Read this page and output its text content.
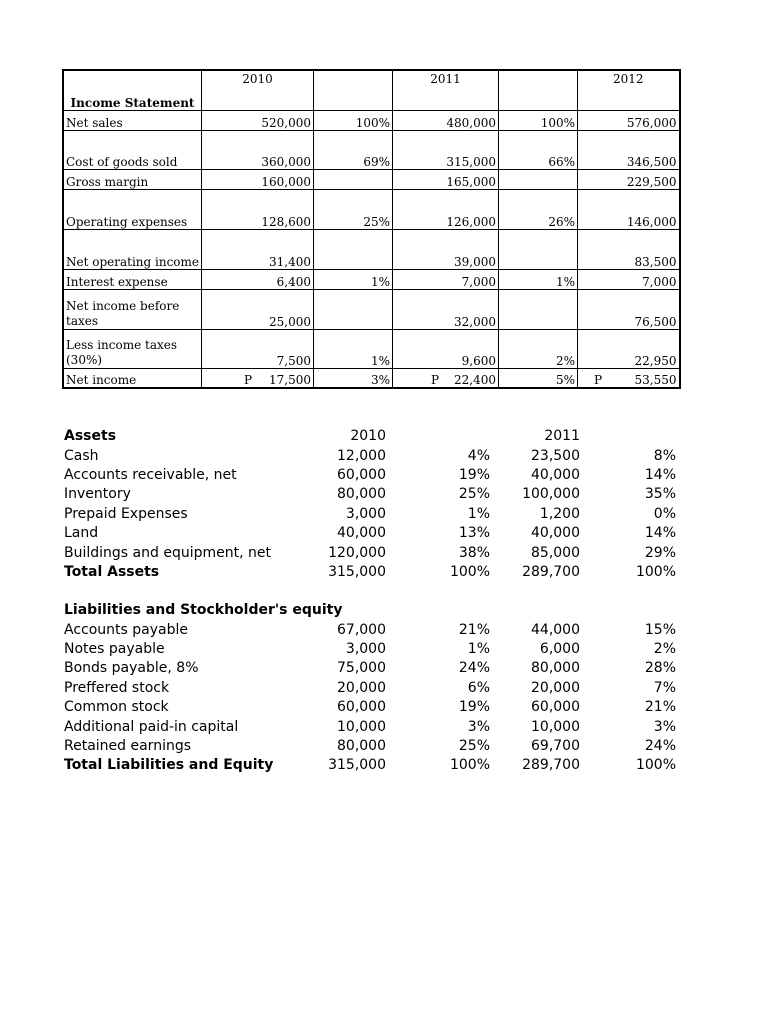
Income Statement	2010		2011		2012
Net sales	520,000	100%	480,000	100%	576,000
Cost of goods sold	360,000	69%	315,000	66%	346,500
Gross margin	160,000		165,000		229,500
Operating expenses	128,600	25%	126,000	26%	146,000
Net operating income	31,400		39,000		83,500
Interest expense	6,400	1%	7,000	1%	7,000
Net income before taxes	25,000		32,000		76,500
Less income taxes (30%)	7,500	1%	9,600	2%	22,950
Net income	P 17,500	3%	P 22,400	5%	P 53,550
Assets	2010		2011	
Cash	12,000	4%	23,500	8%
Accounts receivable, net	60,000	19%	40,000	14%
Inventory	80,000	25%	100,000	35%
Prepaid Expenses	3,000	1%	1,200	0%
Land	40,000	13%	40,000	14%
Buildings and equipment, net	120,000	38%	85,000	29%
Total Assets	315,000	100%	289,700	100%

Liabilities and Stockholder's equity				
Accounts payable	67,000	21%	44,000	15%
Notes payable	3,000	1%	6,000	2%
Bonds payable, 8%	75,000	24%	80,000	28%
Preffered stock	20,000	6%	20,000	7%
Common stock	60,000	19%	60,000	21%
Additional paid-in capital	10,000	3%	10,000	3%
Retained earnings	80,000	25%	69,700	24%
Total Liabilities and Equity	315,000	100%	289,700	100%
